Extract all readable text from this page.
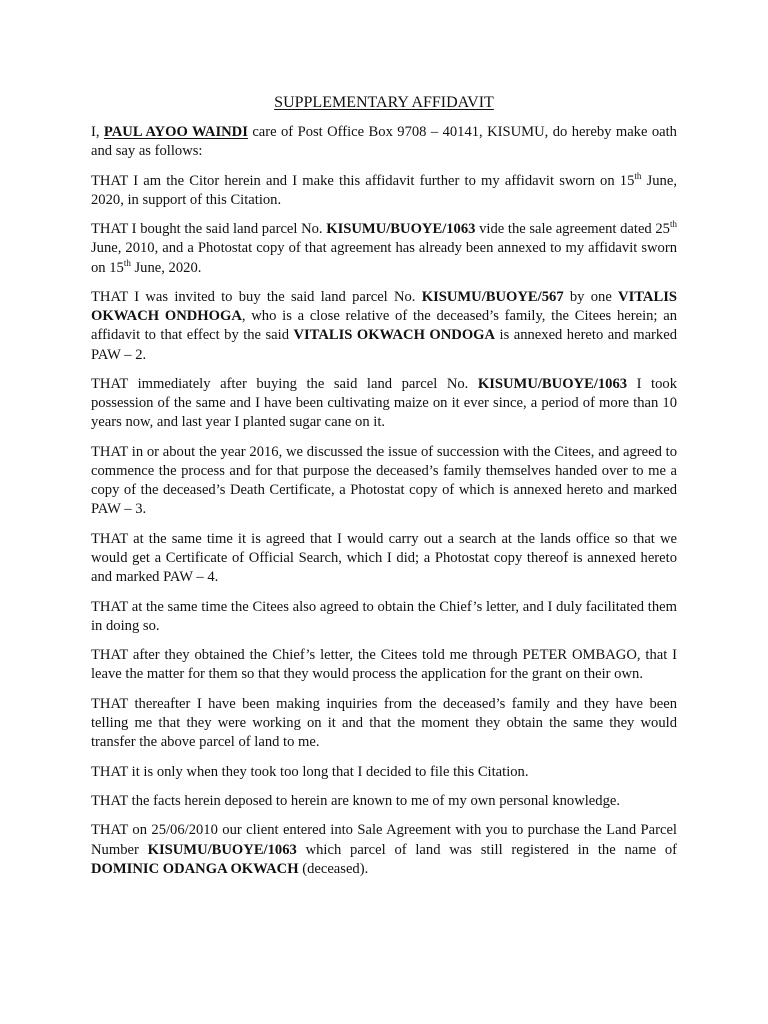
SUPPLEMENTARY AFFIDAVIT

I, PAUL AYOO WAINDI care of Post Office Box 9708 – 40141, KISUMU, do hereby make oath and say as follows:

THAT I am the Citor herein and I make this affidavit further to my affidavit sworn on 15th June, 2020, in support of this Citation.

THAT I bought the said land parcel No. KISUMU/BUOYE/1063 vide the sale agreement dated 25th June, 2010, and a Photostat copy of that agreement has already been annexed to my affidavit sworn on 15th June, 2020.

THAT I was invited to buy the said land parcel No. KISUMU/BUOYE/567 by one VITALIS OKWACH ONDHOGA, who is a close relative of the deceased’s family, the Citees herein; an affidavit to that effect by the said VITALIS OKWACH ONDOGA is annexed hereto and marked PAW – 2.

THAT immediately after buying the said land parcel No. KISUMU/BUOYE/1063 I took possession of the same and I have been cultivating maize on it ever since, a period of more than 10 years now, and last year I planted sugar cane on it.

THAT in or about the year 2016, we discussed the issue of succession with the Citees, and agreed to commence the process and for that purpose the deceased’s family themselves handed over to me a copy of the deceased’s Death Certificate, a Photostat copy of which is annexed hereto and marked PAW – 3.

THAT at the same time it is agreed that I would carry out a search at the lands office so that we would get a Certificate of Official Search, which I did; a Photostat copy thereof is annexed hereto and marked PAW – 4.

THAT at the same time the Citees also agreed to obtain the Chief’s letter, and I duly facilitated them in doing so.

THAT after they obtained the Chief’s letter, the Citees told me through PETER OMBAGO, that I leave the matter for them so that they would process the application for the grant on their own.

THAT thereafter I have been making inquiries from the deceased’s family and they have been telling me that they were working on it and that the moment they obtain the same they would transfer the above parcel of land to me.

THAT it is only when they took too long that I decided to file this Citation.

THAT the facts herein deposed to herein are known to me of my own personal knowledge.

THAT on 25/06/2010 our client entered into Sale Agreement with you to purchase the Land Parcel Number KISUMU/BUOYE/1063 which parcel of land was still registered in the name of DOMINIC ODANGA OKWACH (deceased).
